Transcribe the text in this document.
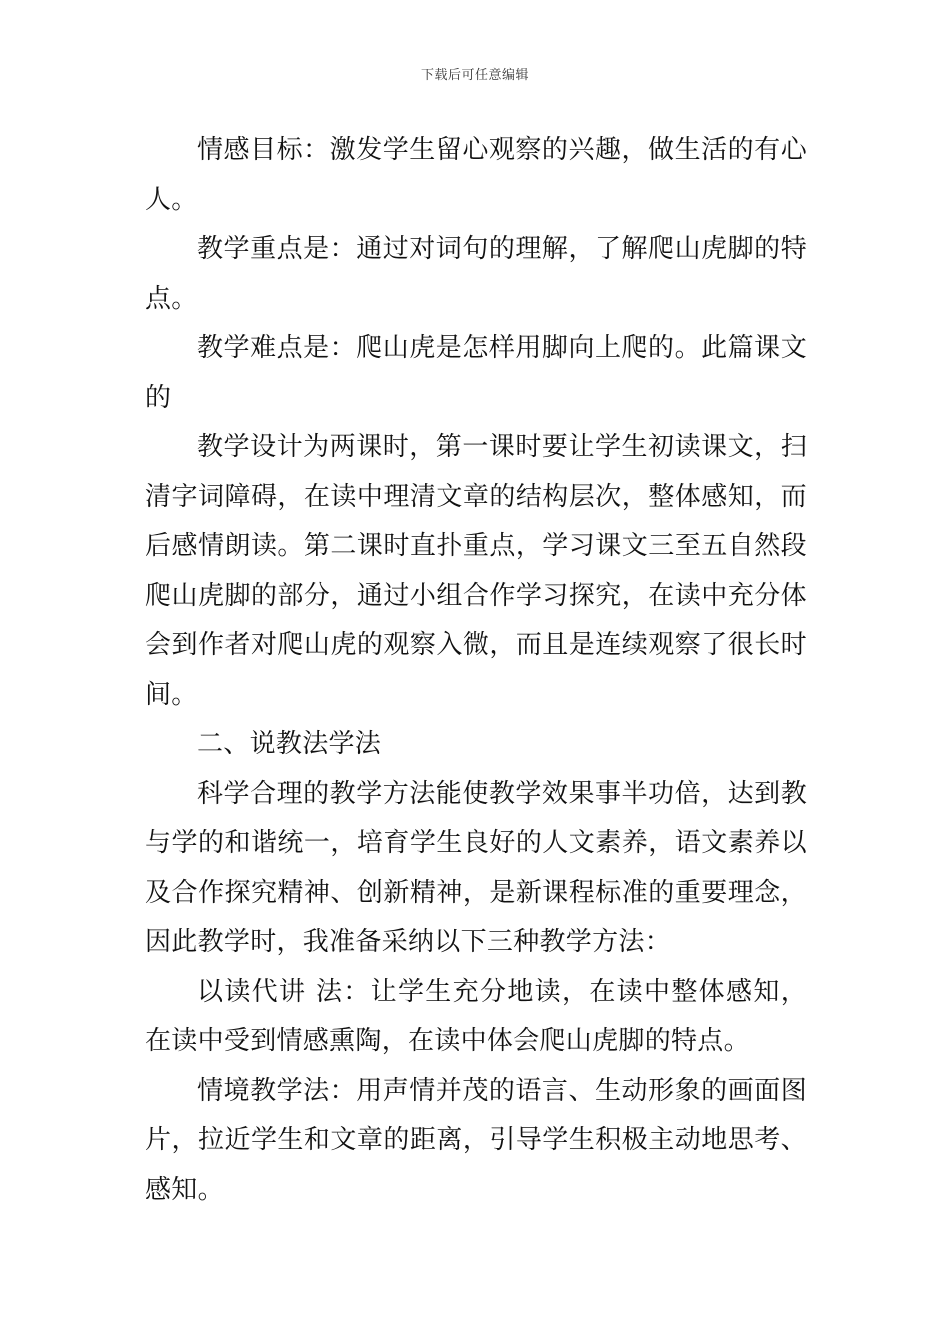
下载后可任意编辑

情感目标：激发学生留心观察的兴趣，做生活的有心人。

教学重点是：通过对词句的理解，了解爬山虎脚的特点。

教学难点是：爬山虎是怎样用脚向上爬的。此篇课文的

教学设计为两课时，第一课时要让学生初读课文，扫清字词障碍，在读中理清文章的结构层次，整体感知，而后感情朗读。第二课时直扑重点，学习课文三至五自然段爬山虎脚的部分，通过小组合作学习探究，在读中充分体会到作者对爬山虎的观察入微，而且是连续观察了很长时间。

二、说教法学法

科学合理的教学方法能使教学效果事半功倍，达到教与学的和谐统一，培育学生良好的人文素养，语文素养以及合作探究精神、创新精神，是新课程标准的重要理念，因此教学时，我准备采纳以下三种教学方法：

以读代讲 法：让学生充分地读，在读中整体感知，在读中受到情感熏陶，在读中体会爬山虎脚的特点。

情境教学法：用声情并茂的语言、生动形象的画面图片，拉近学生和文章的距离，引导学生积极主动地思考、感知。
